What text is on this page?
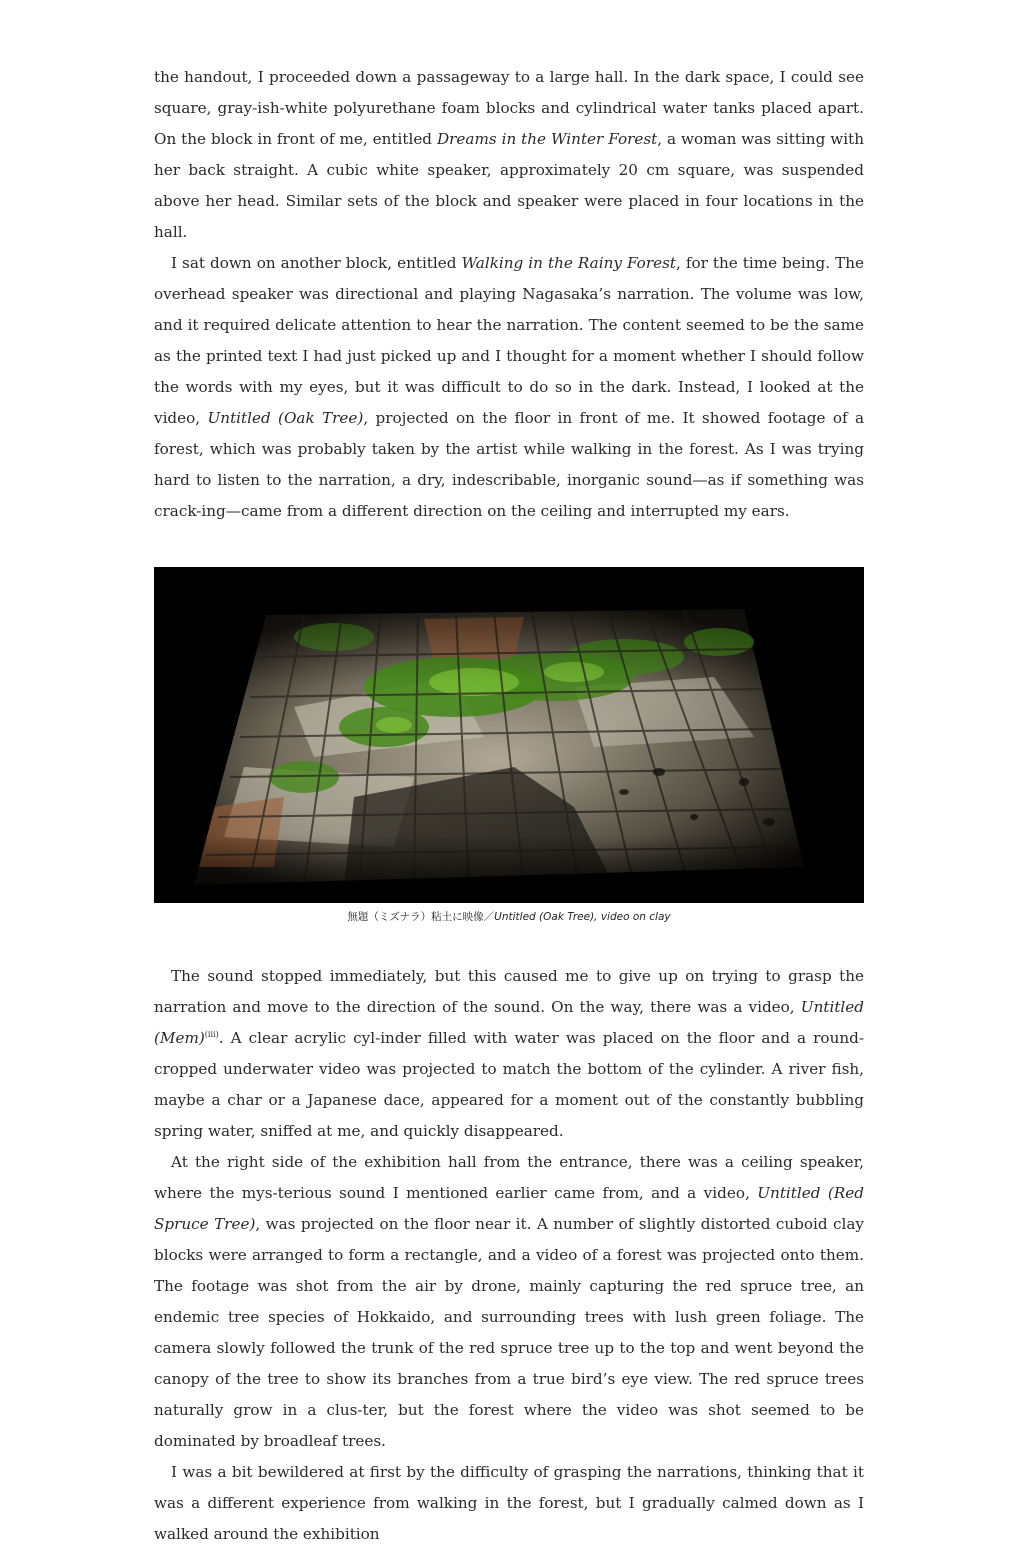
the handout, I proceeded down a passageway to a large hall. In the dark space, I could see square, gray-ish-white polyurethane foam blocks and cylindrical water tanks placed apart. On the block in front of me, entitled Dreams in the Winter Forest, a woman was sitting with her back straight. A cubic white speaker, approximately 20 cm square, was suspended above her head. Similar sets of the block and speaker were placed in four locations in the hall.

I sat down on another block, entitled Walking in the Rainy Forest, for the time being. The overhead speaker was directional and playing Nagasaka’s narration. The volume was low, and it required delicate attention to hear the narration. The content seemed to be the same as the printed text I had just picked up and I thought for a moment whether I should follow the words with my eyes, but it was difficult to do so in the dark. Instead, I looked at the video, Untitled (Oak Tree), projected on the floor in front of me. It showed footage of a forest, which was probably taken by the artist while walking in the forest. As I was trying hard to listen to the narration, a dry, indescribable, inorganic sound—as if something was crack-ing—came from a different direction on the ceiling and interrupted my ears.

無題（ミズナラ）粘土に映像／Untitled (Oak Tree), video on clay

The sound stopped immediately, but this caused me to give up on trying to grasp the narration and move to the direction of the sound. On the way, there was a video, Untitled (Mem)$^{(iii)}$. A clear acrylic cyl-inder filled with water was placed on the floor and a round-cropped underwater video was projected to match the bottom of the cylinder. A river fish, maybe a char or a Japanese dace, appeared for a moment out of the constantly bubbling spring water, sniffed at me, and quickly disappeared.

At the right side of the exhibition hall from the entrance, there was a ceiling speaker, where the mys-terious sound I mentioned earlier came from, and a video, Untitled (Red Spruce Tree), was projected on the floor near it. A number of slightly distorted cuboid clay blocks were arranged to form a rectangle, and a video of a forest was projected onto them. The footage was shot from the air by drone, mainly capturing the red spruce tree, an endemic tree species of Hokkaido, and surrounding trees with lush green foliage. The camera slowly followed the trunk of the red spruce tree up to the top and went beyond the canopy of the tree to show its branches from a true bird’s eye view. The red spruce trees naturally grow in a clus-ter, but the forest where the video was shot seemed to be dominated by broadleaf trees.

I was a bit bewildered at first by the difficulty of grasping the narrations, thinking that it was a different experience from walking in the forest, but I gradually calmed down as I walked around the exhibition
